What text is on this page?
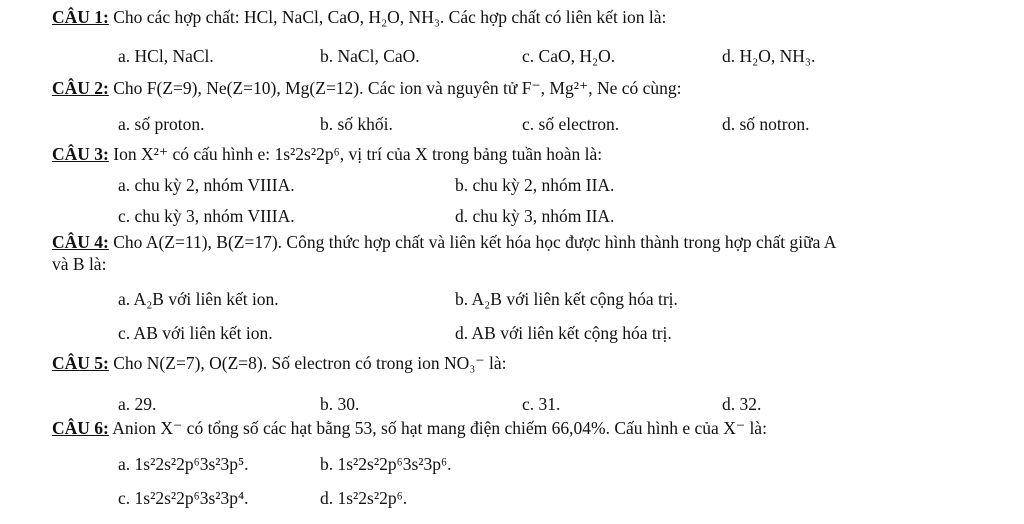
CÂU 1: Cho các hợp chất: HCl, NaCl, CaO, H₂O, NH₃. Các hợp chất có liên kết ion là:
a. HCl, NaCl.	b. NaCl, CaO.	c. CaO, H₂O.	d. H₂O, NH₃.
CÂU 2: Cho F(Z=9), Ne(Z=10), Mg(Z=12). Các ion và nguyên tử F⁻, Mg²⁺, Ne có cùng:
a. số proton.	b. số khối.	c. số electron.	d. số notron.
CÂU 3: Ion X²⁺ có cấu hình e: 1s²2s²2p⁶, vị trí của X trong bảng tuần hoàn là:
a. chu kỳ 2, nhóm VIIIA.	b. chu kỳ 2, nhóm IIA.
c. chu kỳ 3, nhóm VIIIA.	d. chu kỳ 3, nhóm IIA.
CÂU 4: Cho A(Z=11), B(Z=17). Công thức hợp chất và liên kết hóa học được hình thành trong hợp chất giữa A
và B là:
a. A₂B với liên kết ion.	b. A₂B với liên kết cộng hóa trị.
c. AB với liên kết ion.	d. AB với liên kết cộng hóa trị.
CÂU 5: Cho N(Z=7), O(Z=8). Số electron có trong ion NO₃⁻ là:
a. 29.	b. 30.	c. 31.	d. 32.
CÂU 6: Anion X⁻ có tổng số các hạt bằng 53, số hạt mang điện chiếm 66,04%. Cấu hình e của X⁻ là:
a. 1s²2s²2p⁶3s²3p⁵.	b. 1s²2s²2p⁶3s²3p⁶.
c. 1s²2s²2p⁶3s²3p⁴.	d. 1s²2s²2p⁶.
